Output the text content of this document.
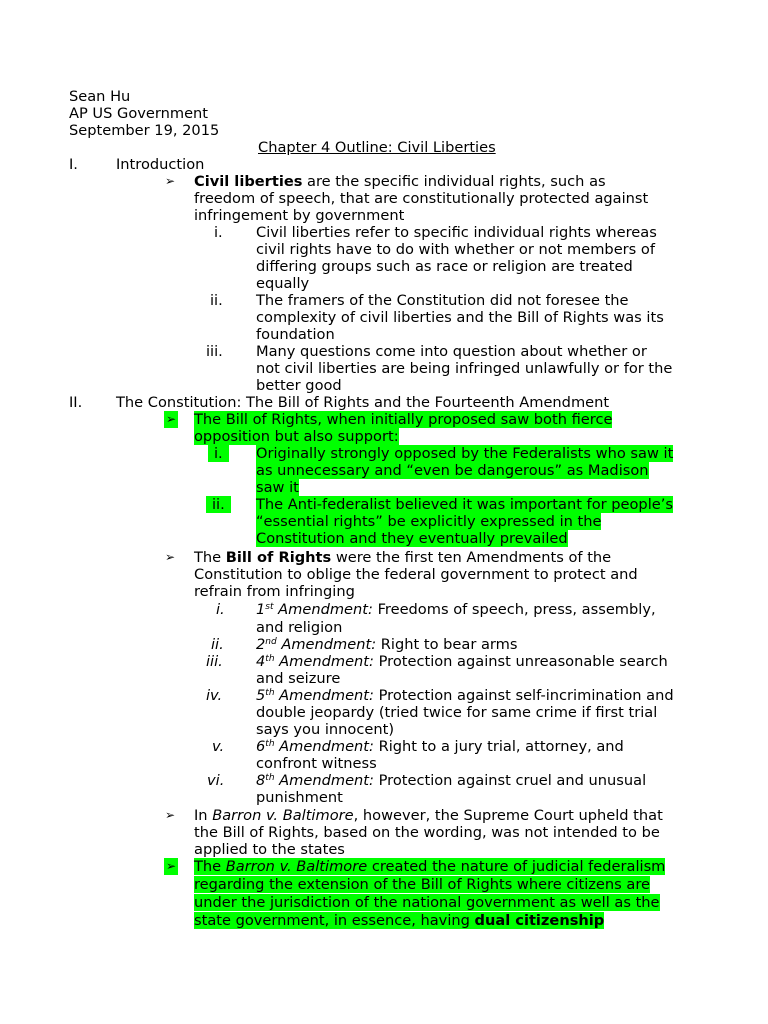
Sean Hu
AP US Government
September 19, 2015
Chapter 4 Outline: Civil Liberties
I.	Introduction
➢ Civil liberties are the specific individual rights, such as
freedom of speech, that are constitutionally protected against
infringement by government
i. Civil liberties refer to specific individual rights whereas
civil rights have to do with whether or not members of
differing groups such as race or religion are treated
equally
ii. The framers of the Constitution did not foresee the
complexity of civil liberties and the Bill of Rights was its
foundation
iii. Many questions come into question about whether or
not civil liberties are being infringed unlawfully or for the
better good
II. The Constitution: The Bill of Rights and the Fourteenth Amendment
➢ The Bill of Rights, when initially proposed saw both fierce
opposition but also support:
i.	Originally strongly opposed by the Federalists who saw it
as unnecessary and “even be dangerous” as Madison
saw it
ii.	The Anti-federalist believed it was important for people’s
“essential rights” be explicitly expressed in the
Constitution and they eventually prevailed
➢ The Bill of Rights were the first ten Amendments of the
Constitution to oblige the federal government to protect and
refrain from infringing
i. 1st Amendment: Freedoms of speech, press, assembly,
and religion
ii. 2nd Amendment: Right to bear arms
iii. 4th Amendment: Protection against unreasonable search
and seizure
iv. 5th Amendment: Protection against self-incrimination and
double jeopardy (tried twice for same crime if first trial
says you innocent)
v. 6th Amendment: Right to a jury trial, attorney, and
confront witness
vi. 8th Amendment: Protection against cruel and unusual
punishment
➢ In Barron v. Baltimore, however, the Supreme Court upheld that
the Bill of Rights, based on the wording, was not intended to be
applied to the states
➢ The Barron v. Baltimore created the nature of judicial federalism
regarding the extension of the Bill of Rights where citizens are
under the jurisdiction of the national government as well as the
state government, in essence, having dual citizenship
